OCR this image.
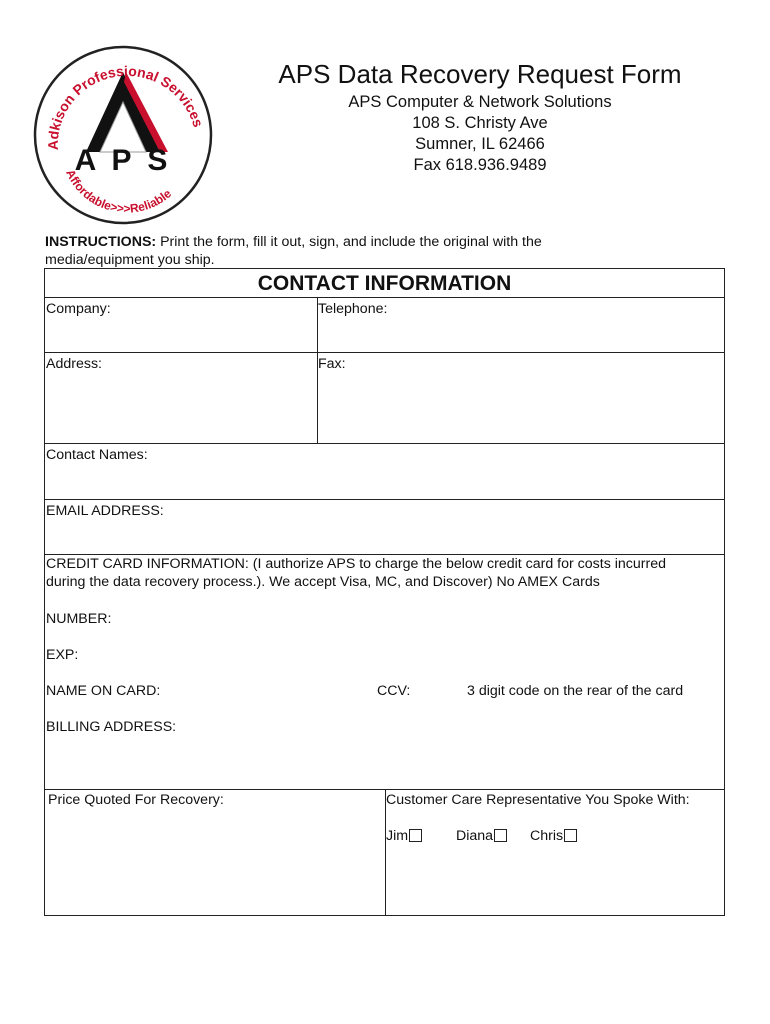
Adkison Professional Services
A P S
Affordable>>>Reliable
APS Data Recovery Request Form
APS Computer & Network Solutions
108 S. Christy Ave
Sumner, IL 62466
Fax 618.936.9489
INSTRUCTIONS: Print the form, fill it out, sign, and include the original with the
media/equipment you ship.
CONTACT INFORMATION
Company:	Telephone:
Address:	Fax:
Contact Names:
EMAIL ADDRESS:
CREDIT CARD INFORMATION: (I authorize APS to charge the below credit card for costs incurred
during the data recovery process.). We accept Visa, MC, and Discover) No AMEX Cards
NUMBER:
EXP:
NAME ON CARD:	CCV:	3 digit code on the rear of the card
BILLING ADDRESS:
Price Quoted For Recovery:	Customer Care Representative You Spoke With:
Jim	Diana	Chris
